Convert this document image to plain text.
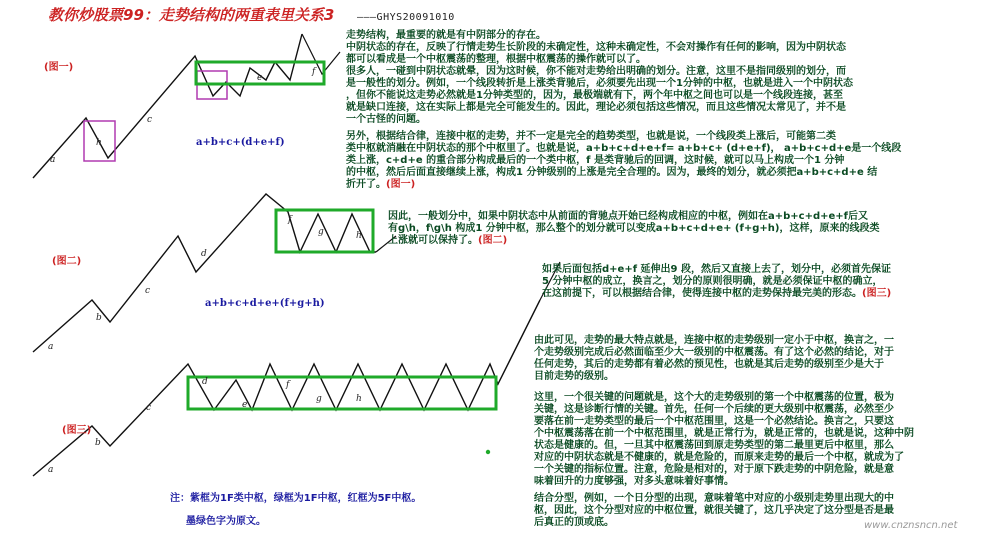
教你炒股票99：走势结构的两重表里关系3 ———GHYS20091010
a
h
c
e
f
a
b
c
d
f
g	h
a
b
c
d
e
f
g	h
(图一)
a+b+c+(d+e+f)
(图二)
a+b+c+d+e+(f+g+h)
(图三)
注：紫框为1F类中枢，绿框为1F中枢，红框为5F中枢。
墨绿色字为原文。

走势结构，最重要的就是有中阴部分的存在。
中阴状态的存在，反映了行情走势生长阶段的未确定性，这种未确定性，不会对操作有任何的影响，因为中阴状态
都可以看成是一个中枢震荡的整理，根据中枢震荡的操作就可以了。
很多人，一碰到中阴状态就晕，因为这时候，你不能对走势给出明确的划分。注意，这里不是指同级别的划分，而
是一般性的划分。例如，一个线段转折是上涨类背驰后，必须要先出现一个1分钟的中枢，也就是进入一个中阴状态
，但你不能说这走势必然就是1分钟类型的，因为，最极端就有下，两个年中枢之间也可以是一个线段连接，甚至
就是缺口连接，这在实际上都是完全可能发生的。因此，理论必须包括这些情况，而且这些情况太常见了，并不是
一个古怪的问题。

另外，根据结合律，连接中枢的走势，并不一定是完全的趋势类型，也就是说，一个线段类上涨后，可能第二类
类中枢就消融在中阴状态的那个中枢里了。也就是说，a+b+c+d+e+f= a+b+c+ (d+e+f)， a+b+c+d+e是一个线段
类上涨，c+d+e 的重合部分构成最后的一个类中枢，f 是类背驰后的回调，这时候，就可以马上构成一个1 分钟
的中枢，然后后面直接继续上涨，构成1 分钟级别的上涨是完全合理的。因为，最终的划分，就必须把a+b+c+d+e 结
折开了。(图一)

因此，一般划分中，如果中阴状态中从前面的背驰点开始已经构成相应的中枢，例如在a+b+c+d+e+f后又
有g\h，f\g\h 构成1 分钟中枢，那么整个的划分就可以变成a+b+c+d+e+ (f+g+h)，这样，原来的线段类
上涨就可以保持了。(图二)

如果后面包括d+e+f 延伸出9 段，然后又直接上去了，划分中，必须首先保证
5 分钟中枢的成立，换言之，划分的原则很明确，就是必须保证中枢的确立，
在这前提下，可以根据结合律，使得连接中枢的走势保持最完美的形态。(图三)

由此可见，走势的最大特点就是，连接中枢的走势级别一定小于中枢，换言之，一
个走势级别完成后必然面临至少大一级别的中枢震荡。有了这个必然的结论，对于
任何走势，其后的走势都有着必然的预见性，也就是其后走势的级别至少是大于
目前走势的级别。

这里，一个很关键的问题就是，这个大的走势级别的第一个中枢震荡的位置，极为
关键，这是诊断行情的关键。首先，任何一个后续的更大级别中枢震荡，必然至少
要落在前一走势类型的最后一个中枢范围里，这是一个必然结论。换言之，只要这
个中枢震荡落在前一个中枢范围里，就是正常行为，就是正常的，也就是说，这种中阴
状态是健康的。但，一旦其中枢震荡回到原走势类型的第二最里更后中枢里，那么
对应的中阴状态就是不健康的，就是危险的，而原来走势的最后一个中枢，就成为了
一个关键的指标位置。注意，危险是相对的，对于原下跌走势的中阴危险，就是意
味着回升的力度够强，对多头意味着好事情。

结合分型，例如，一个日分型的出现，意味着笔中对应的小级别走势里出现大的中
枢，因此，这个分型对应的中枢位置，就很关键了，这几乎决定了这分型是否是最
后真正的顶或底。	www.cnznsncn.net
